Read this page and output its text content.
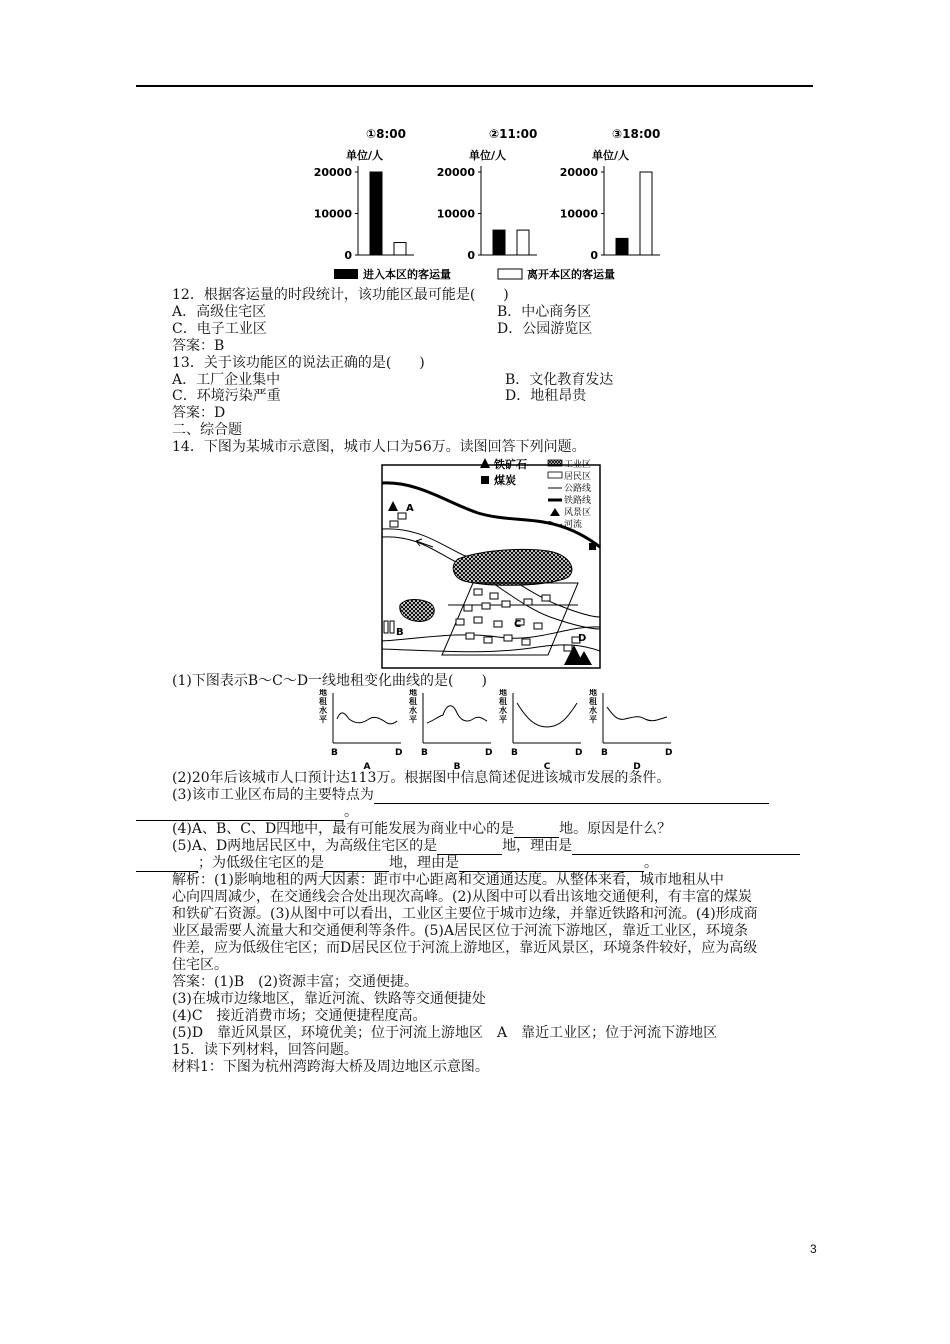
①8:00
单位/人
20000
10000
0
②11:00
单位/人
20000
10000
0
③18:00
单位/人
20000
10000
0
进入本区的客运量	离开本区的客运量
12．根据客运量的时段统计，该功能区最可能是(　　)
A．高级住宅区	B．中心商务区
C．电子工业区	D．公园游览区
答案：B
13．关于该功能区的说法正确的是(　　)
A．工厂企业集中	B．文化教育发达
C．环境污染严重	D．地租昂贵
答案：D
二、综合题
14．下图为某城市示意图，城市人口为56万。读图回答下列问题。
A
B
C
D
铁矿石
煤炭
工业区
居民区
公路线
铁路线
风景区
河流
(1)下图表示B～C～D一线地租变化曲线的是(　　)
地
租
水
平
B	D
A
地
租
水
平
B	D
B
地
租
水
平
B	D
C
地
租
水
平
B	D
D
(2)20年后该城市人口预计达113万。根据图中信息简述促进该城市发展的条件。
(3)该市工业区布局的主要特点为
。
(4)A、B、C、D四地中，最有可能发展为商业中心的是	地。原因是什么？
(5)A、D两地居民区中，为高级住宅区的是	地，理由是
；为低级住宅区的是	地，理由是	。
解析：(1)影响地租的两大因素：距市中心距离和交通通达度。从整体来看，城市地租从中
心向四周减少，在交通线会合处出现次高峰。(2)从图中可以看出该地交通便利，有丰富的煤炭
和铁矿石资源。(3)从图中可以看出，工业区主要位于城市边缘，并靠近铁路和河流。(4)形成商
业区最需要人流量大和交通便利等条件。(5)A居民区位于河流下游地区，靠近工业区，环境条
件差，应为低级住宅区；而D居民区位于河流上游地区，靠近风景区，环境条件较好，应为高级
住宅区。
答案：(1)B　(2)资源丰富；交通便捷。
(3)在城市边缘地区，靠近河流、铁路等交通便捷处
(4)C　接近消费市场；交通便捷程度高。
(5)D　靠近风景区，环境优美；位于河流上游地区　A　靠近工业区；位于河流下游地区
15．读下列材料，回答问题。
材料1：下图为杭州湾跨海大桥及周边地区示意图。
3
